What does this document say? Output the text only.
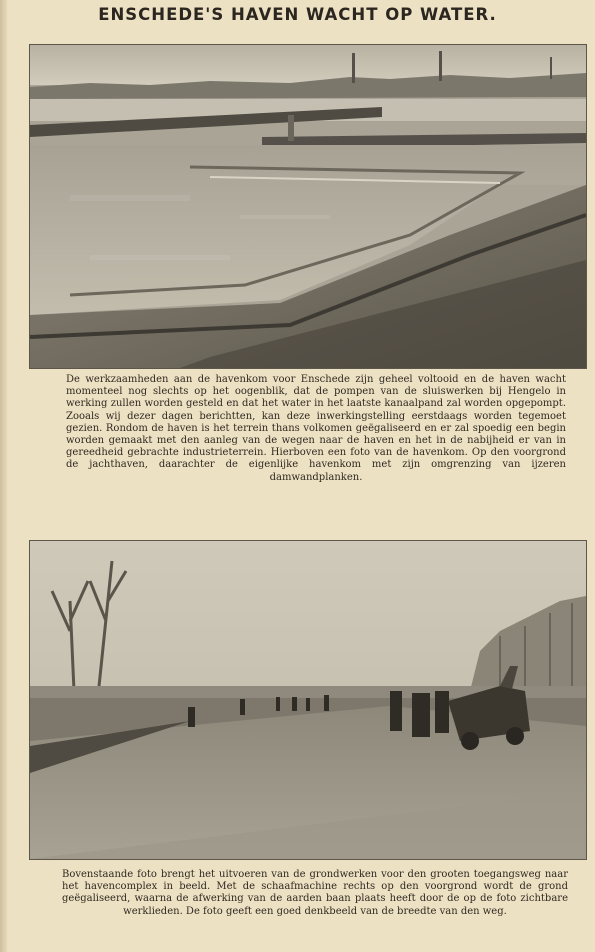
ENSCHEDE'S HAVEN WACHT OP WATER.
De werkzaamheden aan de havenkom voor Enschede zijn geheel voltooid en de haven wacht momenteel nog slechts op het oogenblik, dat de pompen van de sluiswerken bij Hengelo in werking zullen worden gesteld en dat het water in het laatste kanaalpand zal worden opgepompt. Zooals wij dezer dagen berichtten, kan deze inwerkingstelling eerstdaags worden tegemoet gezien. Rondom de haven is het terrein thans volkomen geëgaliseerd en er zal spoedig een begin worden gemaakt met den aanleg van de wegen naar de haven en het in de nabijheid er van in gereedheid gebrachte industrieterrein. Hierboven een foto van de havenkom. Op den voorgrond de jachthaven, daarachter de eigenlijke havenkom met zijn omgrenzing van ijzeren damwandplanken.
Bovenstaande foto brengt het uitvoeren van de grondwerken voor den grooten toegangsweg naar het havencomplex in beeld. Met de schaafmachine rechts op den voorgrond wordt de grond geëgaliseerd, waarna de afwerking van de aarden baan plaats heeft door de op de foto zichtbare werklieden. De foto geeft een goed denkbeeld van de breedte van den weg.
